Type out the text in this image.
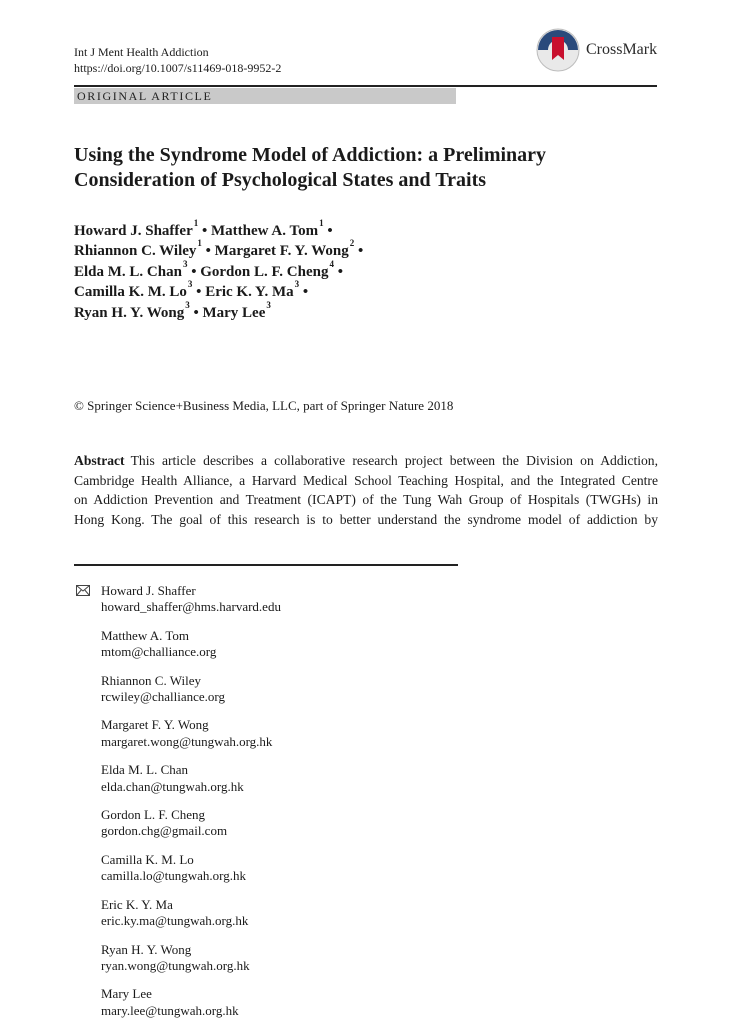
Int J Ment Health Addiction
https://doi.org/10.1007/s11469-018-9952-2
CrossMark
ORIGINAL ARTICLE
Using the Syndrome Model of Addiction: a Preliminary
Consideration of Psychological States and Traits
Howard J. Shaffer$^1$ • Matthew A. Tom$^1$ •
Rhiannon C. Wiley$^1$ • Margaret F. Y. Wong$^2$ •
Elda M. L. Chan$^3$ • Gordon L. F. Cheng$^4$ •
Camilla K. M. Lo$^3$ • Eric K. Y. Ma$^3$ •
Ryan H. Y. Wong$^3$ • Mary Lee$^3$
© Springer Science+Business Media, LLC, part of Springer Nature 2018
Abstract This article describes a collaborative research project between the Division on Addiction,
Cambridge Health Alliance, a Harvard Medical School Teaching Hospital, and the Integrated Centre
on Addiction Prevention and Treatment (ICAPT) of the Tung Wah Group of Hospitals (TWGHs) in
Hong Kong. The goal of this research is to better understand the syndrome model of addiction by
Howard J. Shaffer
howard_shaffer@hms.harvard.edu
Matthew A. Tom
mtom@challiance.org
Rhiannon C. Wiley
rcwiley@challiance.org
Margaret F. Y. Wong
margaret.wong@tungwah.org.hk
Elda M. L. Chan
elda.chan@tungwah.org.hk
Gordon L. F. Cheng
gordon.chg@gmail.com
Camilla K. M. Lo
camilla.lo@tungwah.org.hk
Eric K. Y. Ma
eric.ky.ma@tungwah.org.hk
Ryan H. Y. Wong
ryan.wong@tungwah.org.hk
Mary Lee
mary.lee@tungwah.org.hk
